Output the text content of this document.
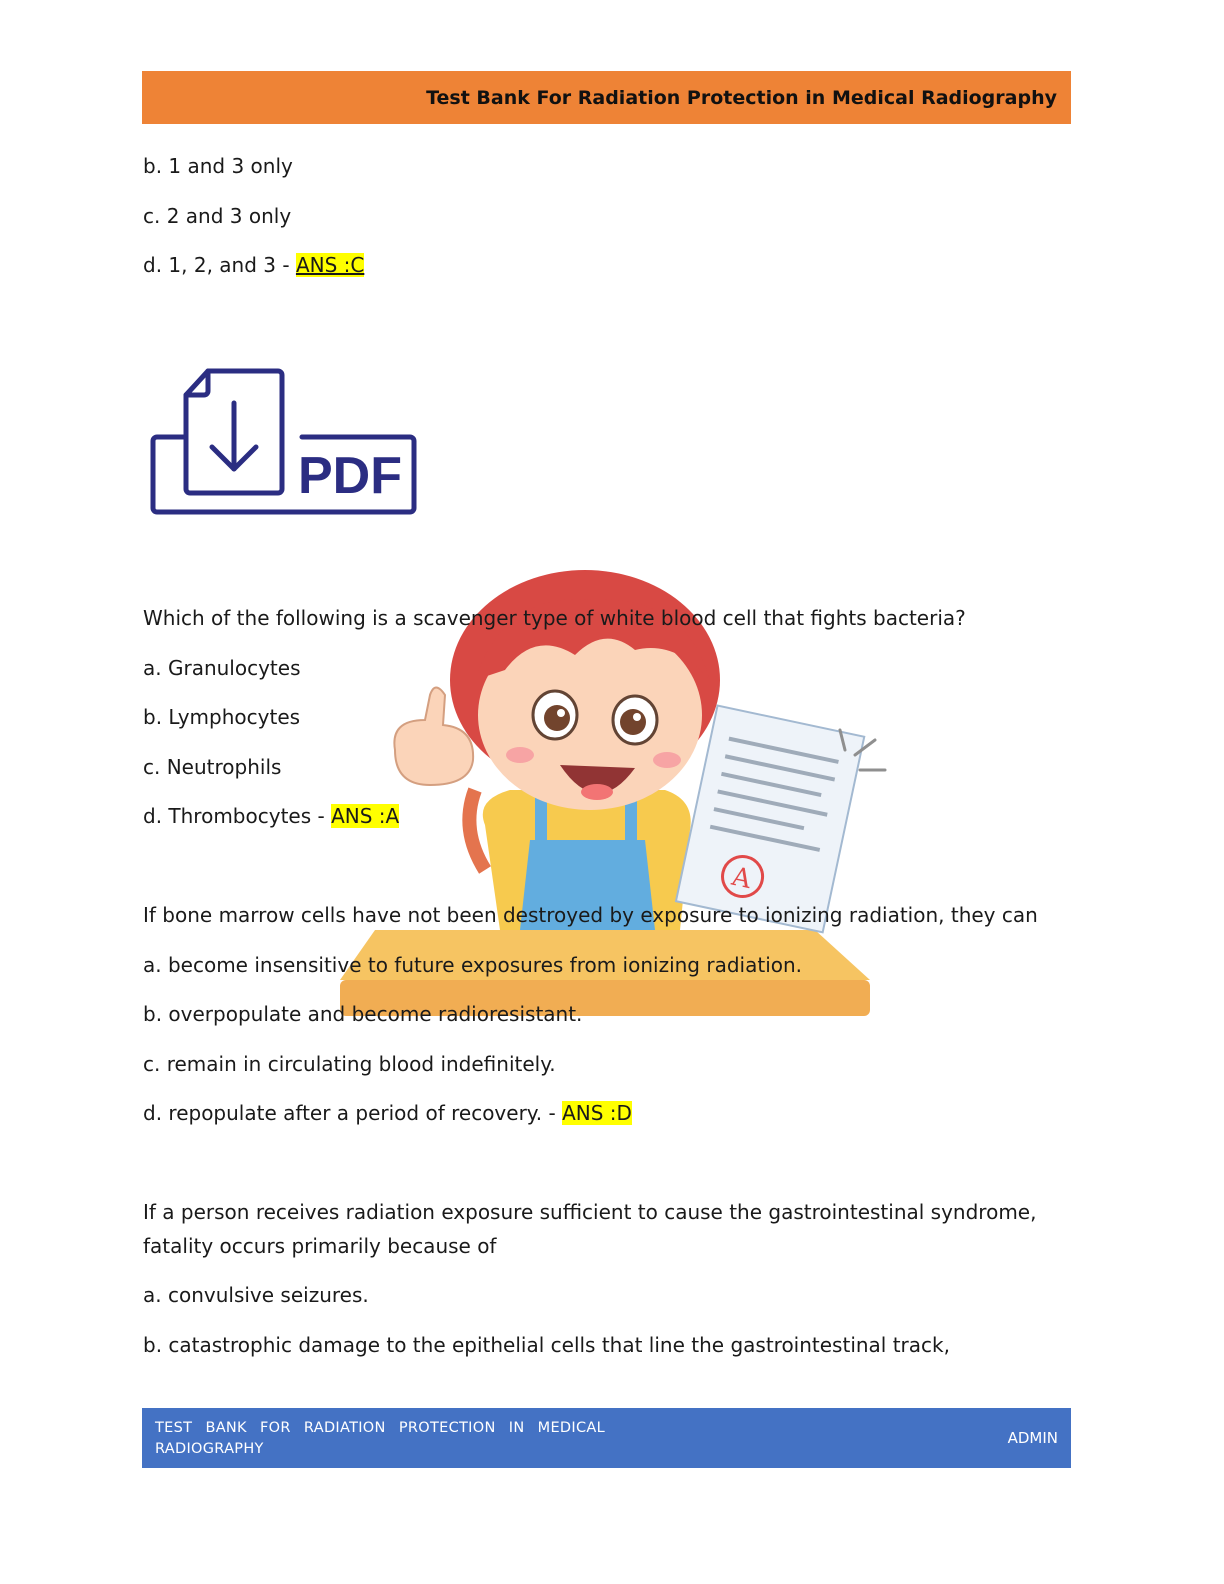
Test Bank For Radiation Protection in Medical Radiography
b. 1 and 3 only
c. 2 and 3 only
d. 1, 2, and 3 - ANS :C
PDF
A
Which of the following is a scavenger type of white blood cell that fights bacteria?
a. Granulocytes
b. Lymphocytes
c. Neutrophils
d. Thrombocytes - ANS :A
If bone marrow cells have not been destroyed by exposure to ionizing radiation, they can
a. become insensitive to future exposures from ionizing radiation.
b. overpopulate and become radioresistant.
c. remain in circulating blood indefinitely.
d. repopulate after a period of recovery. - ANS :D
If a person receives radiation exposure sufficient to cause the gastrointestinal syndrome,
fatality occurs primarily because of
a. convulsive seizures.
b. catastrophic damage to the epithelial cells that line the gastrointestinal track,
TEST BANK FOR RADIATION PROTECTION IN MEDICAL RADIOGRAPHY
ADMIN
